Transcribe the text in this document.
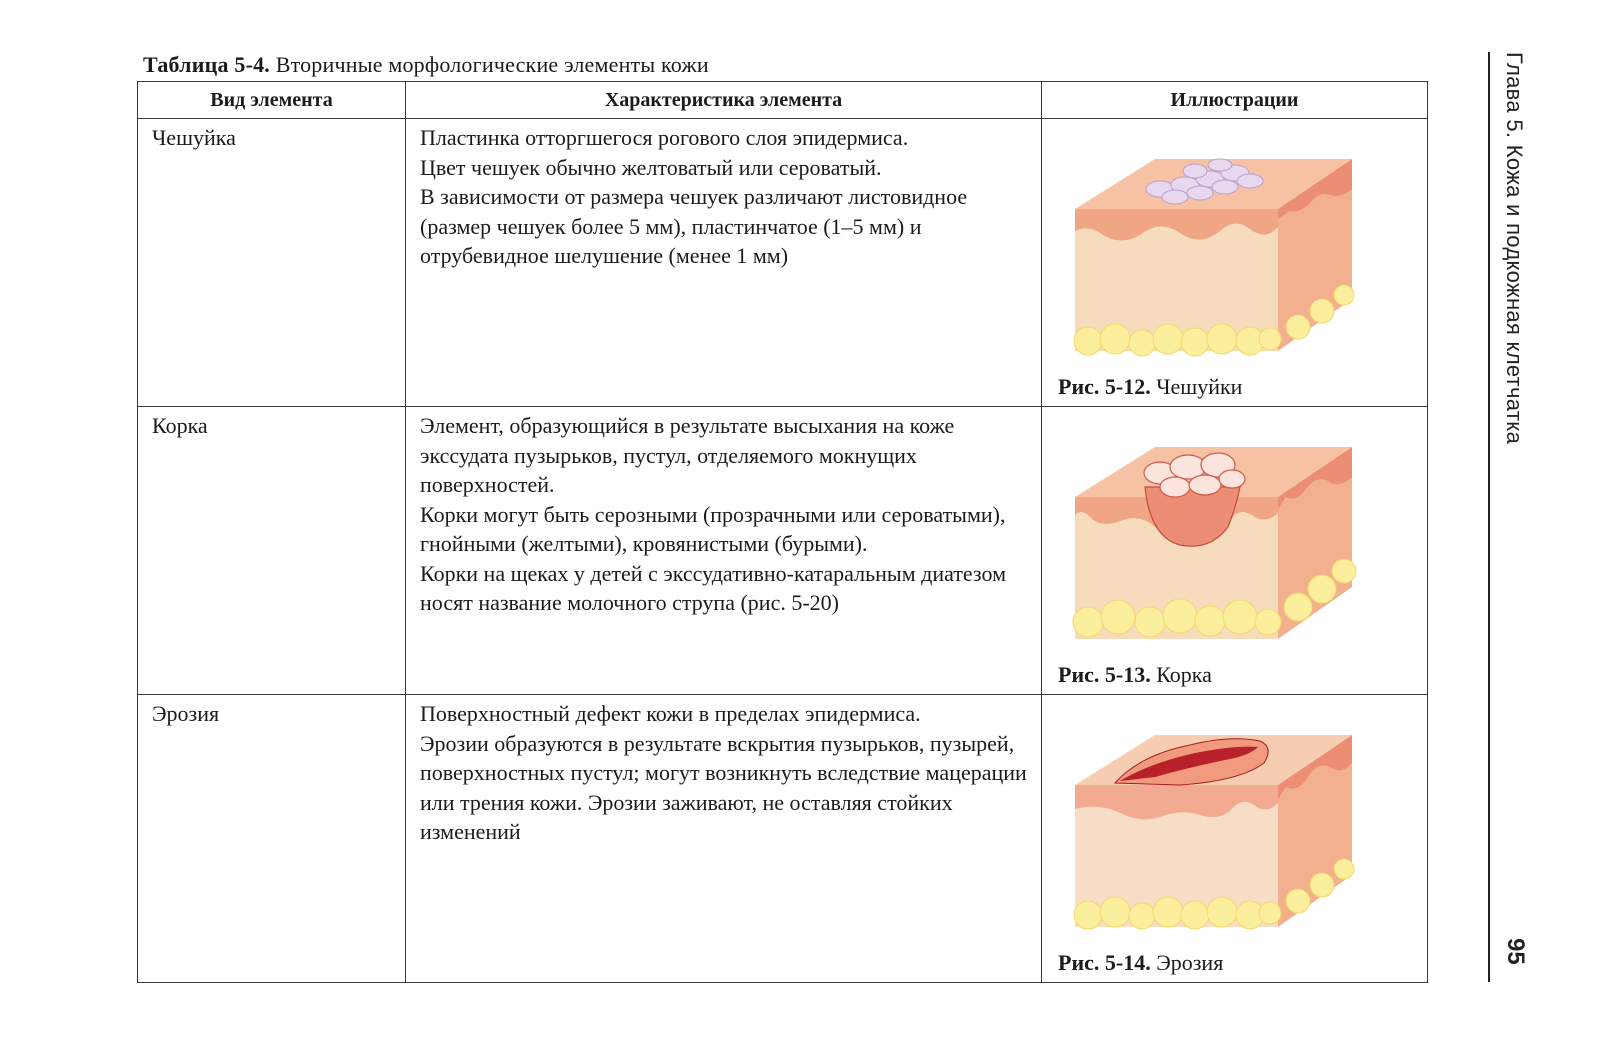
Таблица 5-4. Вторичные морфологические элементы кожи
Вид элемента	Характеристика элемента	Иллюстрации

Чешуйка	Пластинка отторгшегося рогового слоя эпидермиса.

Цвет чешуек обычно желтоватый или сероватый.

В зависимости от размера чешуек различают листовидное (размер чешуек более 5 мм), пластинчатое (1–5 мм) и отрубевидное шелушение (менее 1 мм)	Рис. 5-12. Чешуйки

Корка	Элемент, образующийся в результате высыхания на коже экссудата пузырьков, пустул, отделяемого мокнущих поверхностей.

Корки могут быть серозными (прозрачными или сероватыми), гнойными (желтыми), кровянистыми (бурыми).

Корки на щеках у детей с экссудативно-катаральным диатезом носят название молочного струпа (рис. 5-20)	Рис. 5-13. Корка

Эрозия	Поверхностный дефект кожи в пределах эпидермиса.

Эрозии образуются в результате вскрытия пузырьков, пузырей, поверхностных пустул; могут возникнуть вследствие мацерации или трения кожи. Эрозии заживают, не оставляя стойких изменений	Рис. 5-14. Эрозия
Глава 5. Кожа и подкожная клетчатка
95
